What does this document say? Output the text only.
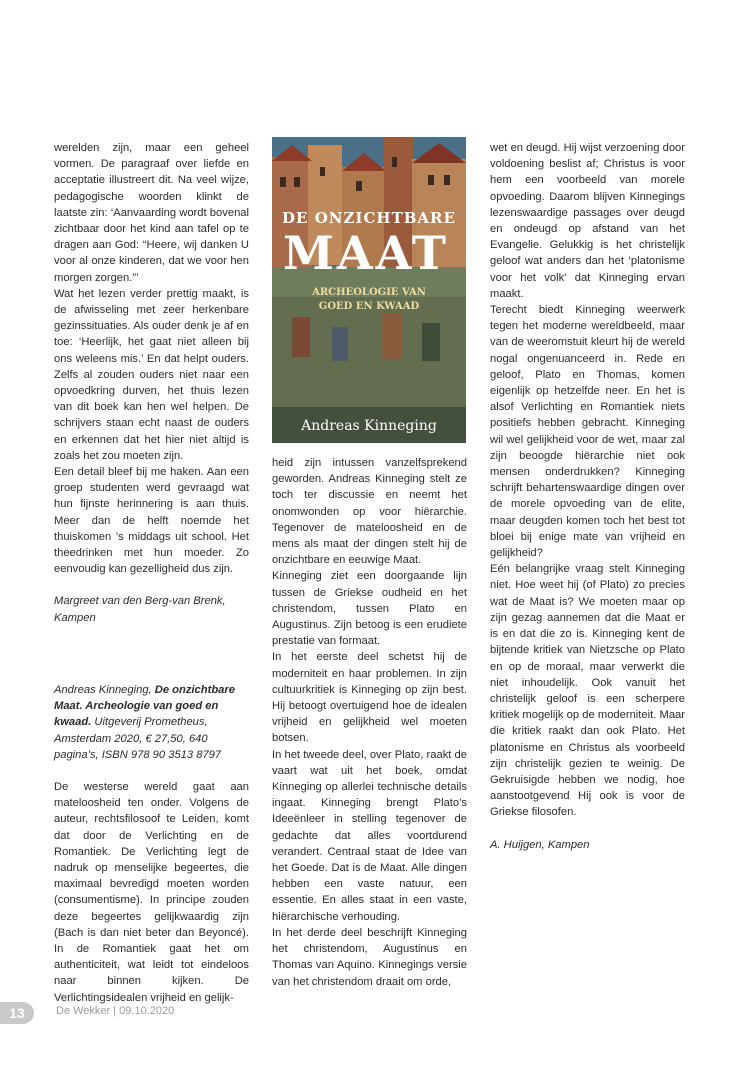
werelden zijn, maar een geheel vormen. De paragraaf over liefde en acceptatie illustreert dit. Na veel wijze, pedagogische woorden klinkt de laatste zin: ‘Aanvaarding wordt bovenal zichtbaar door het kind aan tafel op te dragen aan God: “Heere, wij danken U voor al onze kinderen, dat we voor hen morgen zorgen.”’

Wat het lezen verder prettig maakt, is de afwisseling met zeer herkenbare gezinssituaties. Als ouder denk je af en toe: ‘Heerlijk, het gaat niet alleen bij ons weleens mis.’ En dat helpt ouders. Zelfs al zouden ouders niet naar een opvoedkring durven, het thuis lezen van dit boek kan hen wel helpen. De schrijvers staan echt naast de ouders en erkennen dat het hier niet altijd is zoals het zou moeten zijn.

Een detail bleef bij me haken. Aan een groep studenten werd gevraagd wat hun fijnste herinnering is aan thuis. Meer dan de helft noemde het thuiskomen ’s middags uit school. Het theedrinken met hun moeder. Zo eenvoudig kan gezelligheid dus zijn.

Margreet van den Berg-van Brenk,
Kampen

Andreas Kinneging, De onzichtbare Maat. Archeologie van goed en kwaad. Uitgeverij Prometheus, Amsterdam 2020, € 27,50, 640 pagina’s, ISBN 978 90 3513 8797

De westerse wereld gaat aan mateloosheid ten onder. Volgens de auteur, rechtsfilosoof te Leiden, komt dat door de Verlichting en de Romantiek. De Verlichting legt de nadruk op menselijke begeertes, die maximaal bevredigd moeten worden (consumentisme). In principe zouden deze begeertes gelijkwaardig zijn (Bach is dan niet beter dan Beyoncé). In de Romantiek gaat het om authenticiteit, wat leidt tot eindeloos naar binnen kijken. De Verlichtingsidealen vrijheid en gelijk-

DE ONZICHTBARE
MAAT
ARCHEOLOGIE VAN
GOED EN KWAAD
Andreas Kinneging

heid zijn intussen vanzelfsprekend geworden. Andreas Kinneging stelt ze toch ter discussie en neemt het onomwonden op voor hiërarchie. Tegenover de mateloosheid en de mens als maat der dingen stelt hij de onzichtbare en eeuwige Maat.

Kinneging ziet een doorgaande lijn tussen de Griekse oudheid en het christendom, tussen Plato en Augustinus. Zijn betoog is een erudiete prestatie van formaat.

In het eerste deel schetst hij de moderniteit en haar problemen. In zijn cultuurkritiek is Kinneging op zijn best. Hij betoogt overtuigend hoe de idealen vrijheid en gelijkheid wel moeten botsen.

In het tweede deel, over Plato, raakt de vaart wat uit het boek, omdat Kinneging op allerlei technische details ingaat. Kinneging brengt Plato’s Ideeënleer in stelling tegenover de gedachte dat alles voortdurend verandert. Centraal staat de Idee van het Goede. Dat is de Maat. Alle dingen hebben een vaste natuur, een essentie. En alles staat in een vaste, hiërarchische verhouding.

In het derde deel beschrijft Kinneging het christendom, Augustinus en Thomas van Aquino. Kinnegings versie van het christendom draait om orde,

wet en deugd. Hij wijst verzoening door voldoening beslist af; Christus is voor hem een voorbeeld van morele opvoeding. Daarom blijven Kinnegings lezenswaardige passages over deugd en ondeugd op afstand van het Evangelie. Gelukkig is het christelijk geloof wat anders dan het ‘platonisme voor het volk’ dat Kinneging ervan maakt.

Terecht biedt Kinneging weerwerk tegen het moderne wereldbeeld, maar van de weeromstuit kleurt hij de wereld nogal ongenuanceerd in. Rede en geloof, Plato en Thomas, komen eigenlijk op hetzelfde neer. En het is alsof Verlichting en Romantiek niets positiefs hebben gebracht. Kinneging wil wel gelijkheid voor de wet, maar zal zijn beoogde hiërarchie niet ook mensen onderdrukken? Kinneging schrijft behartenswaardige dingen over de morele opvoeding van de elite, maar deugden komen toch het best tot bloei bij enige mate van vrijheid en gelijkheid?

Eén belangrijke vraag stelt Kinneging niet. Hoe weet hij (of Plato) zo precies wat de Maat is? We moeten maar op zijn gezag aannemen dat die Maat er is en dat die zo is. Kinneging kent de bijtende kritiek van Nietzsche op Plato en op de moraal, maar verwerkt die niet inhoudelijk. Ook vanuit het christelijk geloof is een scherpere kritiek mogelijk op de moderniteit. Maar die kritiek raakt dan ook Plato. Het platonisme en Christus als voorbeeld zijn christelijk gezien te weinig. De Gekruisigde hebben we nodig, hoe aanstootgevend Hij ook is voor de Griekse filosofen.

A. Huijgen, Kampen

13	De Wekker | 09.10.2020
